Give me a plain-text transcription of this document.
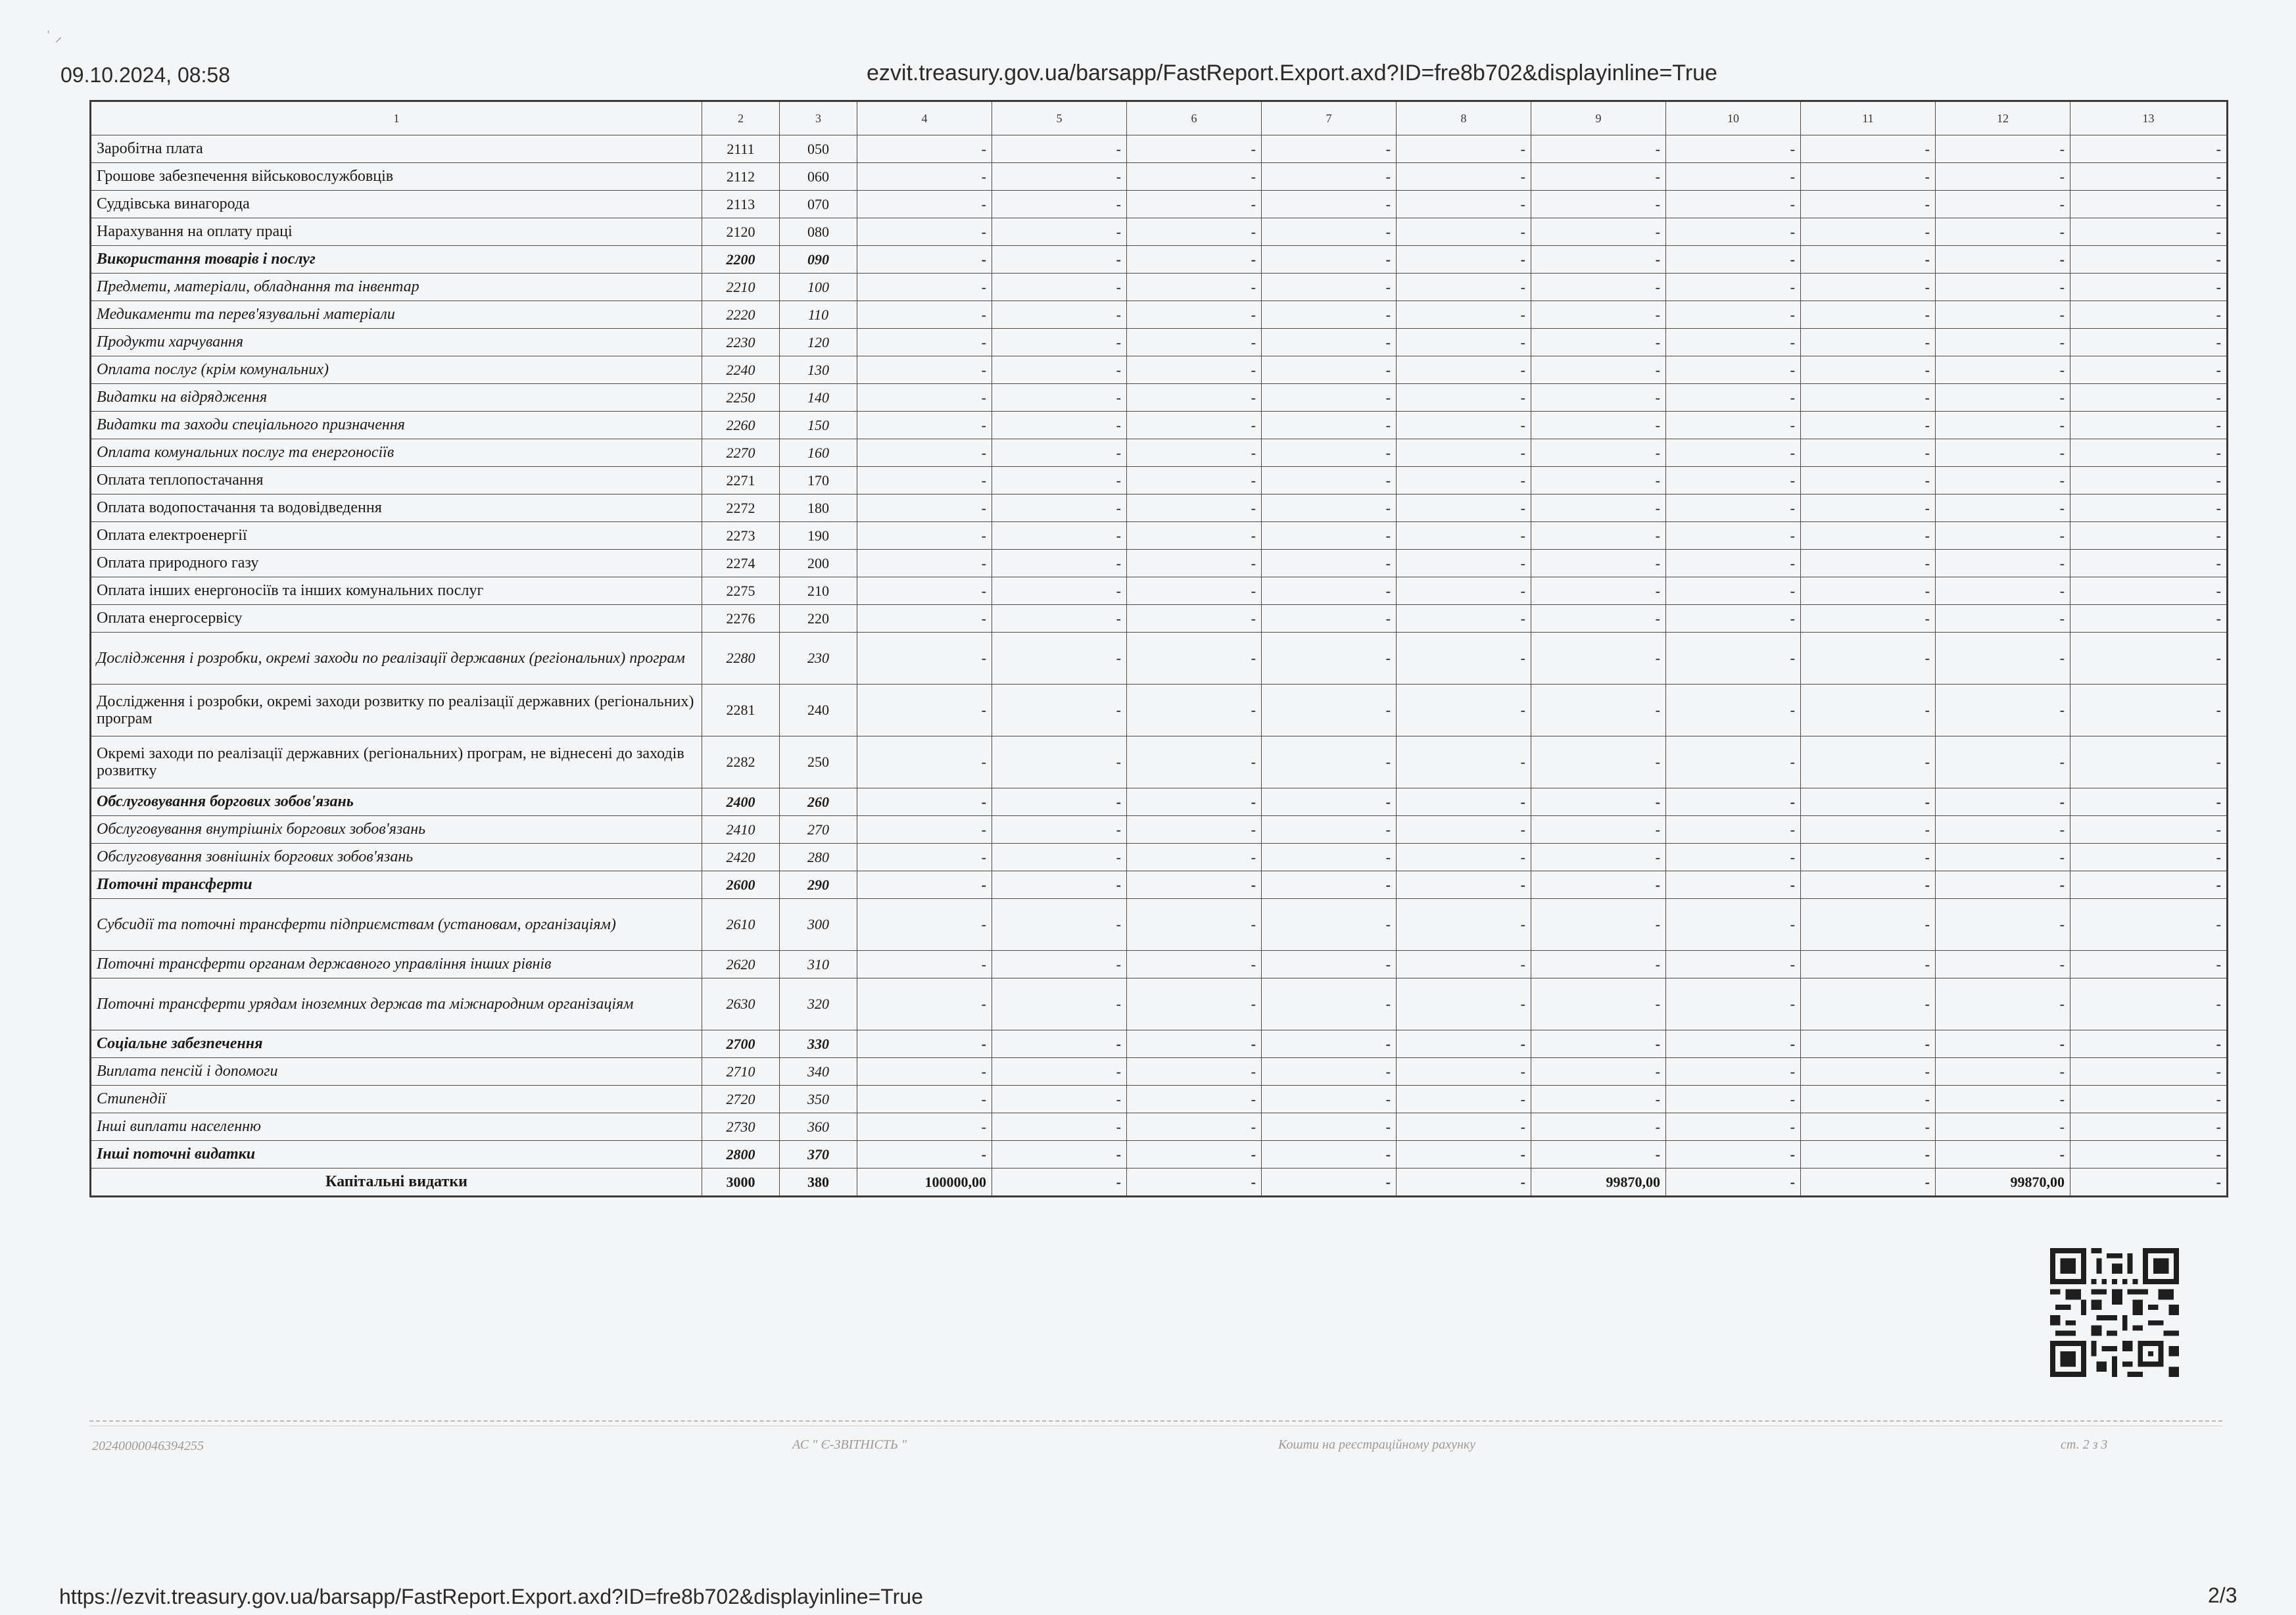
ʿ ⸝
09.10.2024, 08:58	ezvit.treasury.gov.ua/barsapp/FastReport.Export.axd?ID=fre8b702&displayinline=True
1	2	3	4	5	6	7	8	9	10	11	12	13
Заробітна плата	2111	050	-	-	-	-	-	-	-	-	-	-
Грошове забезпечення військовослужбовців	2112	060	-	-	-	-	-	-	-	-	-	-
Суддівська винагорода	2113	070	-	-	-	-	-	-	-	-	-	-
Нарахування на оплату праці	2120	080	-	-	-	-	-	-	-	-	-	-
Використання товарів і послуг	2200	090	-	-	-	-	-	-	-	-	-	-
Предмети, матеріали, обладнання та інвентар	2210	100	-	-	-	-	-	-	-	-	-	-
Медикаменти та перев'язувальні матеріали	2220	110	-	-	-	-	-	-	-	-	-	-
Продукти харчування	2230	120	-	-	-	-	-	-	-	-	-	-
Оплата послуг (крім комунальних)	2240	130	-	-	-	-	-	-	-	-	-	-
Видатки на відрядження	2250	140	-	-	-	-	-	-	-	-	-	-
Видатки та заходи спеціального призначення	2260	150	-	-	-	-	-	-	-	-	-	-
Оплата комунальних послуг та енергоносіїв	2270	160	-	-	-	-	-	-	-	-	-	-
Оплата теплопостачання	2271	170	-	-	-	-	-	-	-	-	-	-
Оплата водопостачання та водовідведення	2272	180	-	-	-	-	-	-	-	-	-	-
Оплата електроенергії	2273	190	-	-	-	-	-	-	-	-	-	-
Оплата природного газу	2274	200	-	-	-	-	-	-	-	-	-	-
Оплата інших енергоносіїв та інших комунальних послуг	2275	210	-	-	-	-	-	-	-	-	-	-
Оплата енергосервісу	2276	220	-	-	-	-	-	-	-	-	-	-
Дослідження і розробки, окремі заходи по реалізації державних (регіональних) програм	2280	230	-	-	-	-	-	-	-	-	-	-
Дослідження і розробки, окремі заходи розвитку по реалізації державних (регіональних) програм	2281	240	-	-	-	-	-	-	-	-	-	-
Окремі заходи по реалізації державних (регіональних) програм, не віднесені до заходів розвитку	2282	250	-	-	-	-	-	-	-	-	-	-
Обслуговування боргових зобов'язань	2400	260	-	-	-	-	-	-	-	-	-	-
Обслуговування внутрішніх боргових зобов'язань	2410	270	-	-	-	-	-	-	-	-	-	-
Обслуговування зовнішніх боргових зобов'язань	2420	280	-	-	-	-	-	-	-	-	-	-
Поточні трансферти	2600	290	-	-	-	-	-	-	-	-	-	-
Субсидії та поточні трансферти підприємствам (установам, організаціям)	2610	300	-	-	-	-	-	-	-	-	-	-
Поточні трансферти органам державного управління інших рівнів	2620	310	-	-	-	-	-	-	-	-	-	-
Поточні трансферти урядам іноземних держав та міжнародним організаціям	2630	320	-	-	-	-	-	-	-	-	-	-
Соціальне забезпечення	2700	330	-	-	-	-	-	-	-	-	-	-
Виплата пенсій і допомоги	2710	340	-	-	-	-	-	-	-	-	-	-
Стипендії	2720	350	-	-	-	-	-	-	-	-	-	-
Інші виплати населенню	2730	360	-	-	-	-	-	-	-	-	-	-
Інші поточні видатки	2800	370	-	-	-	-	-	-	-	-	-	-
Капітальні видатки	3000	380	100000,00	-	-	-	-	99870,00	-	-	99870,00	-
20240000046394255	АС " Є-ЗВІТНІСТЬ "	Кошти на реєстраційному рахунку	ст. 2 з 3
https://ezvit.treasury.gov.ua/barsapp/FastReport.Export.axd?ID=fre8b702&displayinline=True	2/3
